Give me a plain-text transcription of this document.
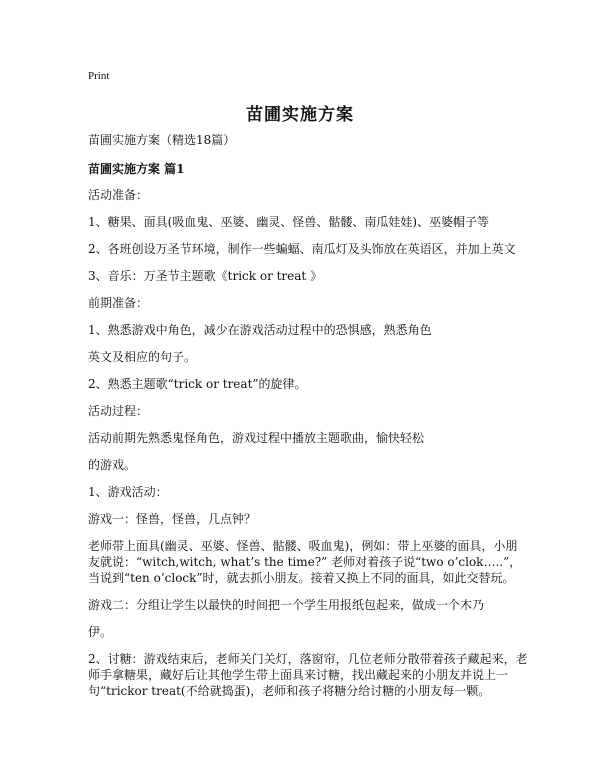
Print
苗圃实施方案
苗圃实施方案（精选18篇）
苗圃实施方案 篇1
活动准备：
1、糖果、面具(吸血鬼、巫婆、幽灵、怪兽、骷髅、南瓜娃娃)、巫婆帽子等
2、各班创设万圣节环境，制作一些蝙蝠、南瓜灯及头饰放在英语区，并加上英文
3、音乐：万圣节主题歌《trick or treat 》
前期准备：
1、熟悉游戏中角色，减少在游戏活动过程中的恐惧感，熟悉角色
英文及相应的句子。
2、熟悉主题歌“trick or treat”的旋律。
活动过程：
活动前期先熟悉鬼怪角色，游戏过程中播放主题歌曲，愉快轻松
的游戏。
1、游戏活动：
游戏一：怪兽，怪兽，几点钟？
老师带上面具(幽灵、巫婆、怪兽、骷髅、吸血鬼)，例如：带上巫婆的面具，小朋友就说：“witch,witch, what’s the time?” 老师对着孩子说“two o’clok…..”，当说到“ten o’clock”时，就去抓小朋友。接着又换上不同的面具，如此交替玩。
游戏二：分组让学生以最快的时间把一个学生用报纸包起来，做成一个木乃
伊。
2、讨糖：游戏结束后，老师关门关灯，落窗帘，几位老师分散带着孩子藏起来，老师手拿糖果，藏好后让其他学生带上面具来讨糖，找出藏起来的小朋友并说上一句“trickor treat(不给就捣蛋)，老师和孩子将糖分给讨糖的小朋友每一颗。
